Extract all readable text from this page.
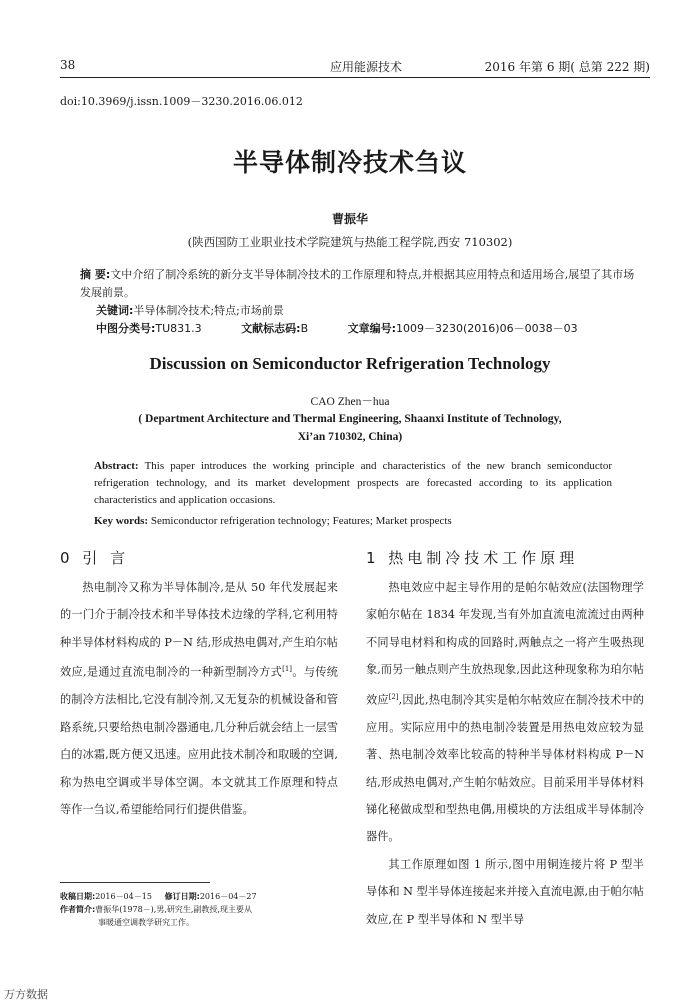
38	应用能源技术	2016 年第 6 期( 总第 222 期)
doi:10.3969/j.issn.1009－3230.2016.06.012
半导体制冷技术刍议
曹振华
(陕西国防工业职业技术学院建筑与热能工程学院,西安 710302)
摘 要:文中介绍了制冷系统的新分支半导体制冷技术的工作原理和特点,并根据其应用特点和适用场合,展望了其市场发展前景。
关键词:半导体制冷技术;特点;市场前景
中图分类号:TU831.3	文献标志码:B	文章编号:1009－3230(2016)06－0038－03
Discussion on Semiconductor Refrigeration Technology
CAO Zhen－hua
( Department Architecture and Thermal Engineering, Shaanxi Institute of Technology,
Xi’an 710302, China)
Abstract: This paper introduces the working principle and characteristics of the new branch semiconductor refrigeration technology, and its market development prospects are forecasted according to its application characteristics and application occasions.
Key words: Semiconductor refrigeration technology; Features; Market prospects
0 引 言

热电制冷又称为半导体制冷,是从 50 年代发展起来的一门介于制冷技术和半导体技术边缘的学科,它利用特种半导体材料构成的 P－N 结,形成热电偶对,产生珀尔帖效应,是通过直流电制冷的一种新型制冷方式[1]。与传统的制冷方法相比,它没有制冷剂,又无复杂的机械设备和管路系统,只要给热电制冷器通电,几分种后就会结上一层雪白的冰霜,既方便又迅速。应用此技术制冷和取暖的空调,称为热电空调或半导体空调。本文就其工作原理和特点等作一刍议,希望能给同行们提供借鉴。

1 热电制冷技术工作原理

热电效应中起主导作用的是帕尔帖效应(法国物理学家帕尔帖在 1834 年发现,当有外加直流电流流过由两种不同导电材料和构成的回路时,两触点之一将产生吸热现象,而另一触点则产生放热现象,因此这种现象称为珀尔帖效应[2],因此,热电制冷其实是帕尔帖效应在制冷技术中的应用。实际应用中的热电制冷装置是用热电效应较为显著、热电制冷效率比较高的特种半导体材料构成 P－N 结,形成热电偶对,产生帕尔帖效应。目前采用半导体材料锑化秘做成型和型热电偶,用模块的方法组成半导体制冷器件。

其工作原理如图 1 所示,图中用铜连接片将 P 型半导体和 N 型半导体连接起来并接入直流电源,由于帕尔帖效应,在 P 型半导体和 N 型半导

收稿日期:2016－04－15 修订日期:2016－04－27
作者简介:曹振华(1978－),男,研究生,副教授,现主要从
事暖通空调教学研究工作。
万方数据
